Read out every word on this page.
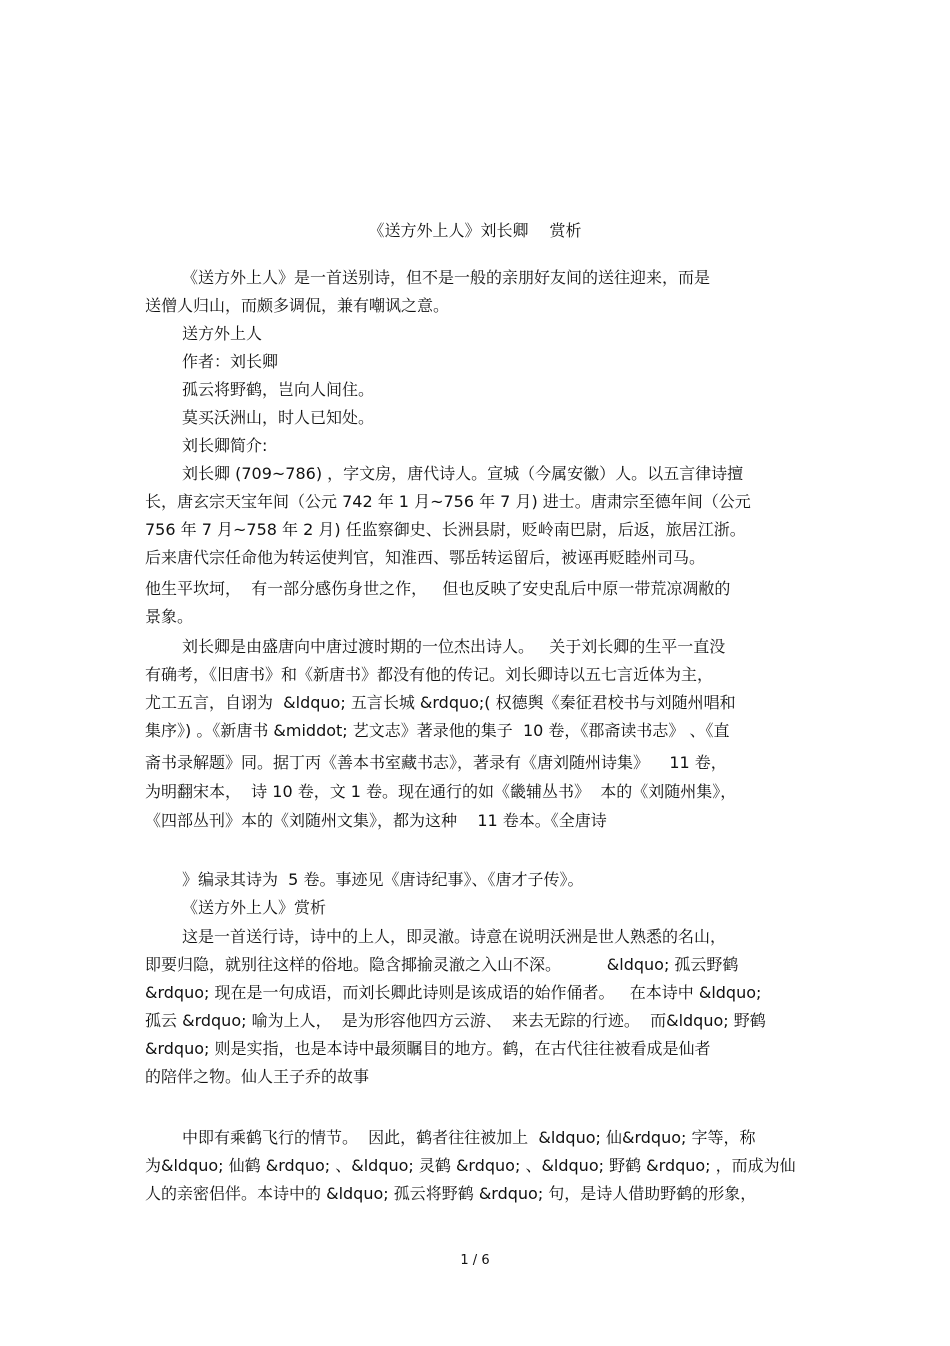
《送方外上人》刘长卿　 赏析
《送方外上人》是一首送别诗，但不是一般的亲朋好友间的送往迎来，而是
送僧人归山，而颇多调侃，兼有嘲讽之意。
送方外上人
作者：刘长卿
孤云将野鹤，岂向人间住。
莫买沃洲山，时人已知处。
刘长卿简介:
刘长卿 (709~786) ，字文房，唐代诗人。宣城（今属安徽）人。以五言律诗擅
长，唐玄宗天宝年间（公元 742 年 1 月~756 年 7 月) 进士。唐肃宗至德年间（公元
756 年 7 月~758 年 2 月) 任监察御史、长洲县尉，贬岭南巴尉，后返，旅居江浙。
后来唐代宗任命他为转运使判官，知淮西、鄂岳转运留后，被诬再贬睦州司马。
他生平坎坷，  有一部分感伤身世之作，   但也反映了安史乱后中原一带荒凉凋敝的
景象。
刘长卿是由盛唐向中唐过渡时期的一位杰出诗人。   关于刘长卿的生平一直没
有确考，《旧唐书》和《新唐书》都没有他的传记。刘长卿诗以五七言近体为主，
尤工五言，自诩为  &ldquo; 五言长城 &rdquo;( 权德舆《秦征君校书与刘随州唱和
集序》) 。《新唐书 &middot; 艺文志》著录他的集子  10 卷，《郡斋读书志》 、《直
斋书录解题》同。据丁丙《善本书室藏书志》，著录有《唐刘随州诗集》    11 卷，
为明翻宋本，  诗 10 卷，文 1 卷。现在通行的如《畿辅丛书》  本的《刘随州集》，
《四部丛刊》本的《刘随州文集》，都为这种    11 卷本。《全唐诗
》编录其诗为  5 卷。事迹见《唐诗纪事》、《唐才子传》。
《送方外上人》赏析
这是一首送行诗，诗中的上人，即灵澈。诗意在说明沃洲是世人熟悉的名山，
即要归隐，就别往这样的俗地。隐含揶揄灵澈之入山不深。         &ldquo; 孤云野鹤
&rdquo; 现在是一句成语，而刘长卿此诗则是该成语的始作俑者。   在本诗中 &ldquo;
孤云 &rdquo; 喻为上人，  是为形容他四方云游、  来去无踪的行迹。  而&ldquo; 野鹤
&rdquo; 则是实指，也是本诗中最须瞩目的地方。鹤，在古代往往被看成是仙者
的陪伴之物。仙人王子乔的故事
中即有乘鹤飞行的情节。  因此，鹤者往往被加上  &ldquo; 仙&rdquo; 字等，称
为&ldquo; 仙鹤 &rdquo; 、&ldquo; 灵鹤 &rdquo; 、&ldquo; 野鹤 &rdquo; ，而成为仙
人的亲密侣伴。本诗中的 &ldquo; 孤云将野鹤 &rdquo; 句，是诗人借助野鹤的形象，
1 / 6
